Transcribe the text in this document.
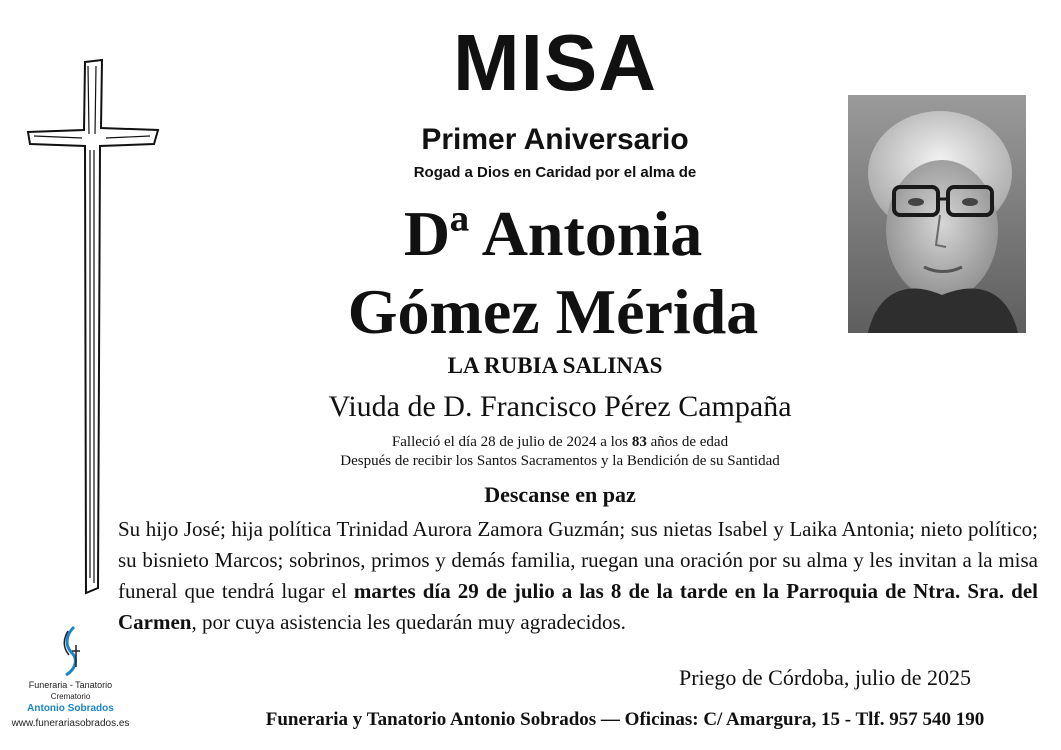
MISA
Primer Aniversario
Rogad a Dios en Caridad por el alma de
Dª Antonia
Gómez Mérida
LA RUBIA SALINAS
Viuda de D. Francisco Pérez Campaña
Falleció el día 28 de julio de 2024 a los 83 años de edad
Después de recibir los Santos Sacramentos y la Bendición de su Santidad
Descanse en paz
Su hijo José; hija política Trinidad Aurora Zamora Guzmán; sus nietas Isabel y Laika Antonia; nieto político; su bisnieto Marcos; sobrinos, primos y demás familia, ruegan una oración por su alma y les invitan a la misa funeral que tendrá lugar el martes día 29 de julio a las 8 de la tarde en la Parroquia de Ntra. Sra. del Carmen, por cuya asistencia les quedarán muy agradecidos.
Priego de Córdoba, julio de 2025
Funeraria y Tanatorio Antonio Sobrados — Oficinas: C/ Amargura, 15 - Tlf. 957 540 190
Funeraria - Tanatorio
Crematorio
Antonio Sobrados
www.funerariasobrados.es
